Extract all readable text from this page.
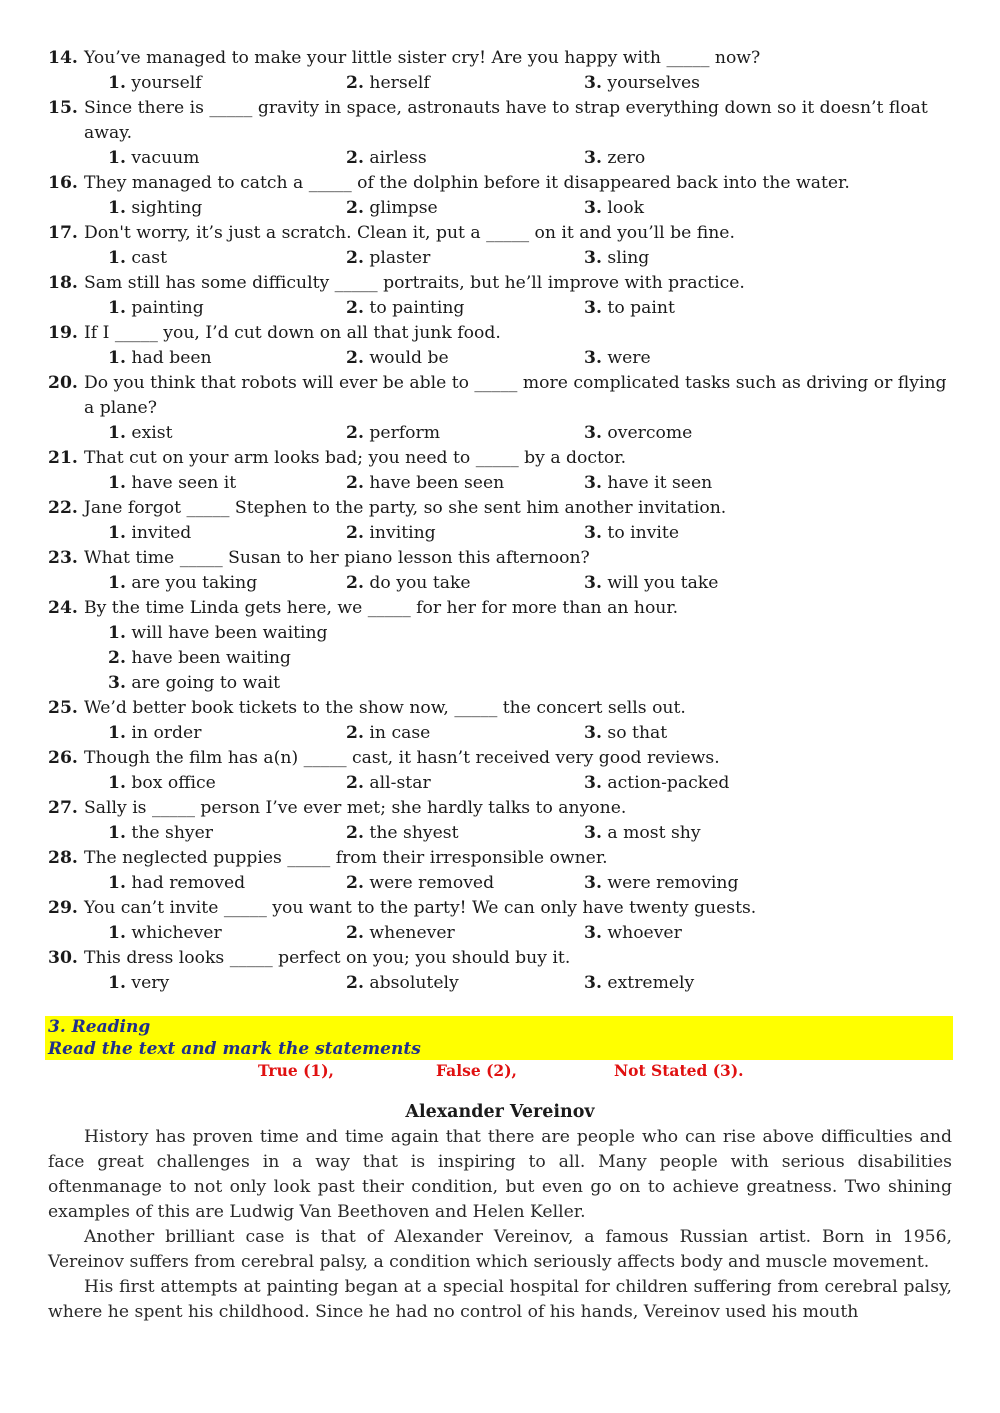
14. You’ve managed to make your little sister cry! Are you happy with _____ now?
1. yourself	2. herself	3. yourselves
15. Since there is _____ gravity in space, astronauts have to strap everything down so it doesn’t float away.
1. vacuum	2. airless	3. zero
16. They managed to catch a _____ of the dolphin before it disappeared back into the water.
1. sighting	2. glimpse	3. look
17. Don't worry, it’s just a scratch. Clean it, put a _____ on it and you’ll be fine.
1. cast	2. plaster	3. sling
18. Sam still has some difficulty _____ portraits, but he’ll improve with practice.
1. painting	2. to painting	3. to paint
19. If I _____ you, I’d cut down on all that junk food.
1. had been	2. would be	3. were
20. Do you think that robots will ever be able to _____ more complicated tasks such as driving or flying a plane?
1. exist	2. perform	3. overcome
21. That cut on your arm looks bad; you need to _____ by a doctor.
1. have seen it	2. have been seen	3. have it seen
22. Jane forgot _____ Stephen to the party, so she sent him another invitation.
1. invited	2. inviting	3. to invite
23. What time _____ Susan to her piano lesson this afternoon?
1. are you taking	2. do you take	3. will you take
24. By the time Linda gets here, we _____ for her for more than an hour.
1. will have been waiting
2. have been waiting
3. are going to wait
25. We’d better book tickets to the show now, _____ the concert sells out.
1. in order	2. in case	3. so that
26. Though the film has a(n) _____ cast, it hasn’t received very good reviews.
1. box office	2. all-star	3. action-packed
27. Sally is _____ person I’ve ever met; she hardly talks to anyone.
1. the shyer	2. the shyest	3. a most shy
28. The neglected puppies _____ from their irresponsible owner.
1. had removed	2. were removed	3. were removing
29. You can’t invite _____ you want to the party! We can only have twenty guests.
1. whichever	2. whenever	3. whoever
30. This dress looks _____ perfect on you; you should buy it.
1. very	2. absolutely	3. extremely
3. Reading
Read the text and mark the statements
True (1),	False (2),	Not Stated (3).
Alexander Vereinov

History has proven time and time again that there are people who can rise above difficulties and face great challenges in a way that is inspiring to all. Many people with serious disabilities oftenmanage to not only look past their condition, but even go on to achieve greatness. Two shining examples of this are Ludwig Van Beethoven and Helen Keller.

Another brilliant case is that of Alexander Vereinov, a famous Russian artist. Born in 1956, Vereinov suffers from cerebral palsy, a condition which seriously affects body and muscle movement.

His first attempts at painting began at a special hospital for children suffering from cerebral palsy, where he spent his childhood. Since he had no control of his hands, Vereinov used his mouth
